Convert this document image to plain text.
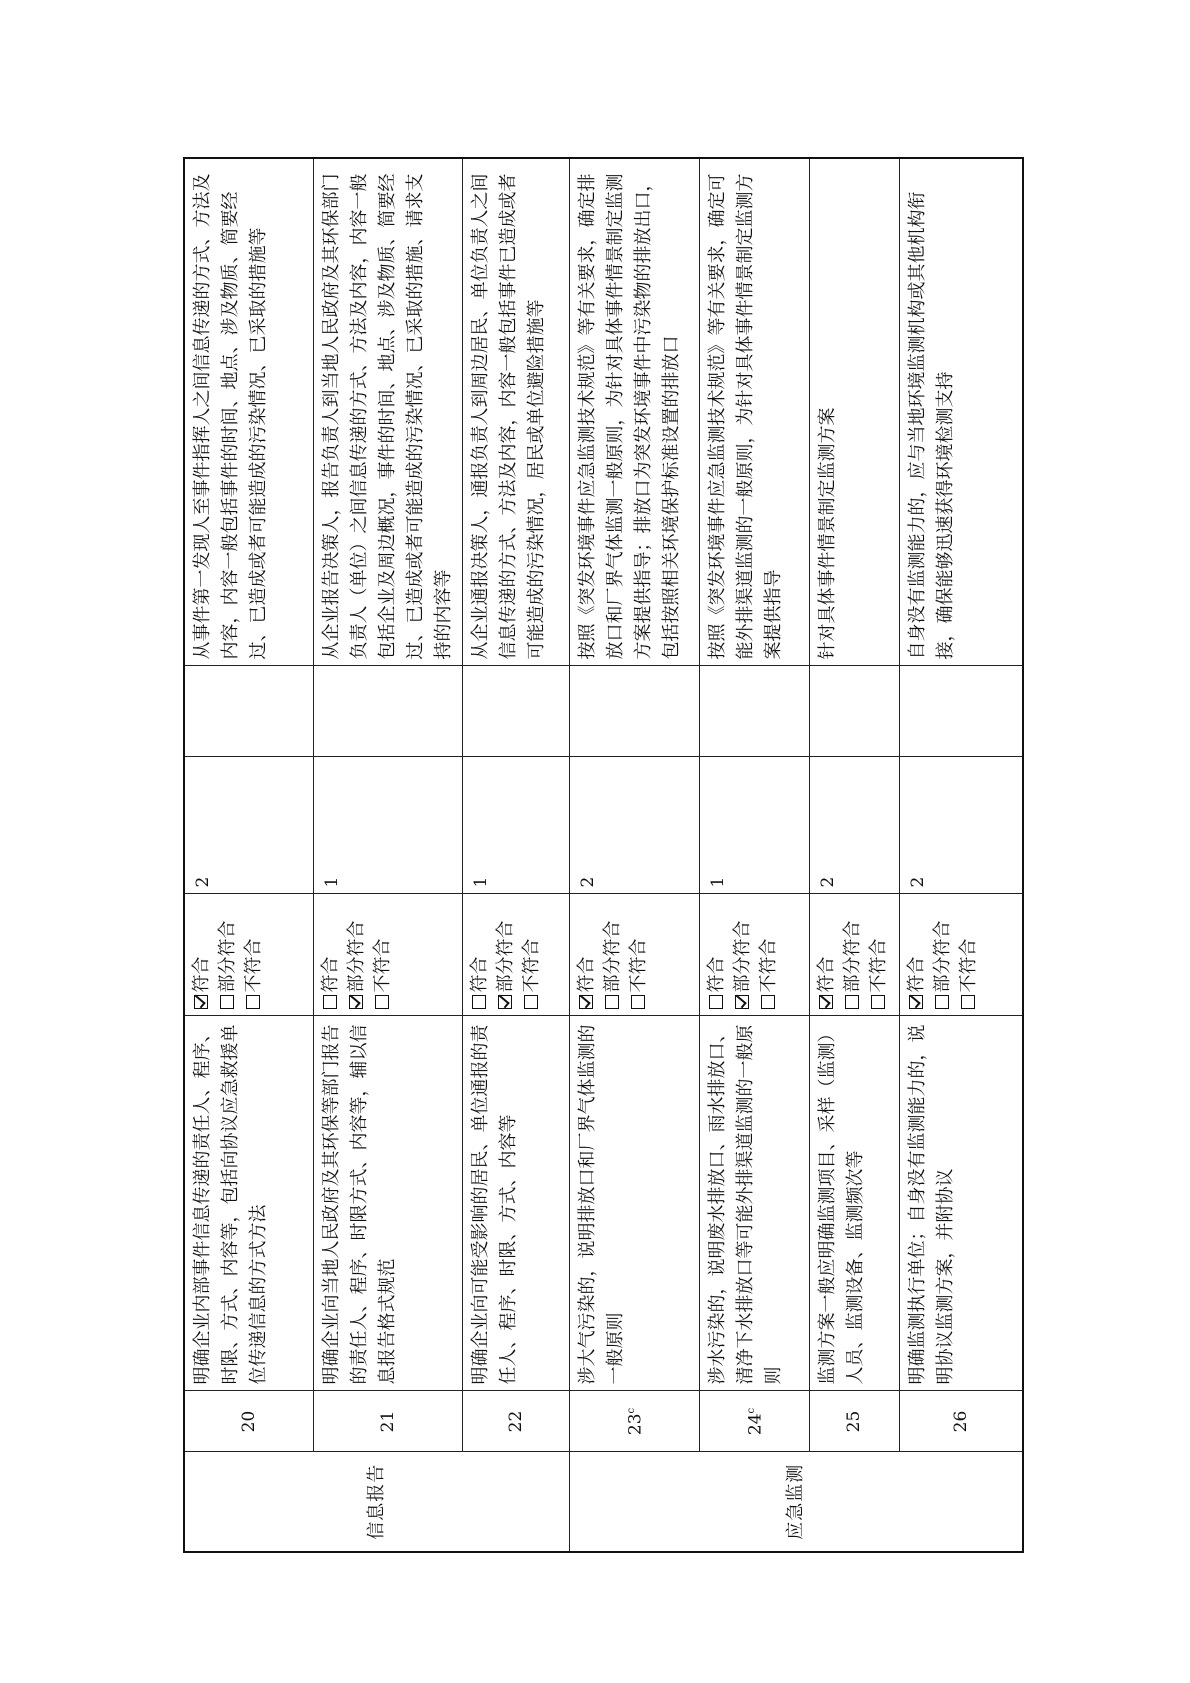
信息报告	20	明确企业内部事件信息传递的责任人、程序、时限、方式、内容等，包括向协议应急救援单位传递信息的方式方法	符合 部分符合 不符合	2		从事件第一发现人至事件指挥人之间信息传递的方式、方法及内容，内容一般包括事件的时间、地点、涉及物质、简要经过、已造成或者可能造成的污染情况、已采取的措施等
	21	明确企业向当地人民政府及其环保等部门报告的责任人、程序、时限方式、内容等，辅以信息报告格式规范	符合 部分符合 不符合	1		从企业报告决策人，报告负责人到当地人民政府及其环保部门负责人（单位）之间信息传递的方式、方法及内容，内容一般包括企业及周边概况，事件的时间、地点、涉及物质、简要经过、已造成或者可能造成的污染情况、已采取的措施、请求支持的内容等
	22	明确企业向可能受影响的居民、单位通报的责任人、程序、时限、方式、内容等	符合 部分符合 不符合	1		从企业通报决策人，通报负责人到周边居民、单位负责人之间信息传递的方式、方法及内容，内容一般包括事件已造成或者可能造成的污染情况，居民或单位避险措施等
应急监测	23$^c$	涉大气污染的，说明排放口和厂界气体监测的一般原则	符合 部分符合 不符合	2		按照《突发环境事件应急监测技术规范》等有关要求，确定排放口和厂界气体监测一般原则，为针对具体事件情景制定监测方案提供指导；排放口为突发环境事件中污染物的排放出口，包括按照相关环境保护标准设置的排放口
	24$^c$	涉水污染的，说明废水排放口、雨水排放口、清净下水排放口等可能外排渠道监测的一般原则	符合 部分符合 不符合	1		按照《突发环境事件应急监测技术规范》等有关要求，确定可能外排渠道监测的一般原则，为针对具体事件情景制定监测方案提供指导
	25	监测方案一般应明确监测项目、采样（监测）人员、监测设备、监测频次等	符合 部分符合 不符合	2		针对具体事件情景制定监测方案
	26	明确监测执行单位；自身没有监测能力的，说明协议监测方案，并附协议	符合 部分符合 不符合	2		自身没有监测能力的，应与当地环境监测机构或其他机构衔接，确保能够迅速获得环境检测支持
